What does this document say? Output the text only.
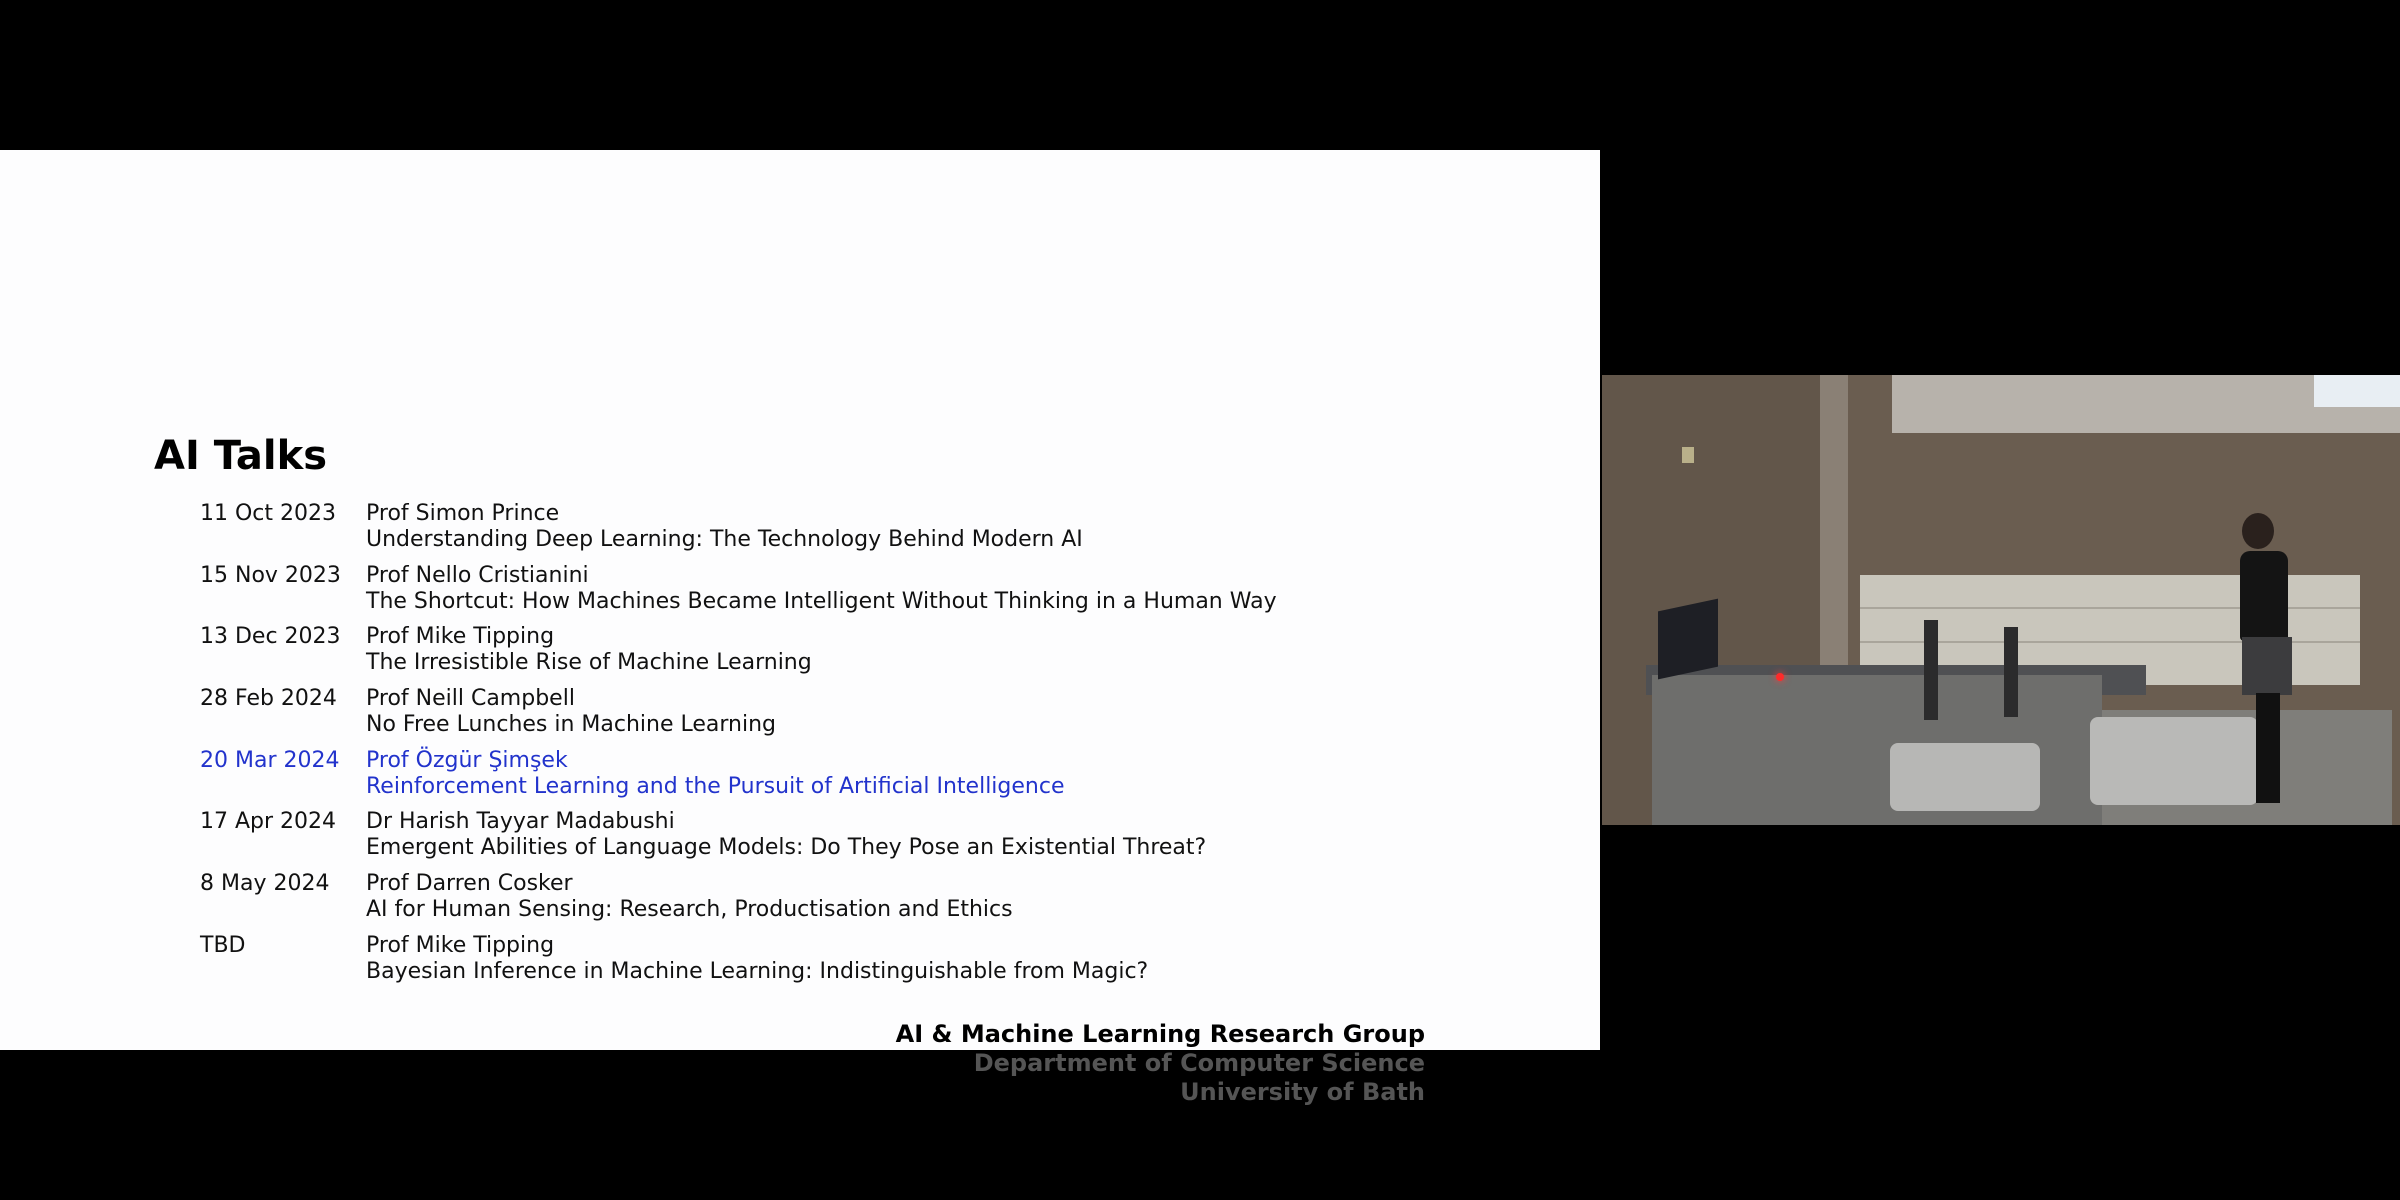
AI Talks
11 Oct 2023	Prof Simon Prince
Understanding Deep Learning: The Technology Behind Modern AI
15 Nov 2023	Prof Nello Cristianini
The Shortcut: How Machines Became Intelligent Without Thinking in a Human Way
13 Dec 2023	Prof Mike Tipping
The Irresistible Rise of Machine Learning
28 Feb 2024	Prof Neill Campbell
No Free Lunches in Machine Learning
20 Mar 2024	Prof Özgür Şimşek
Reinforcement Learning and the Pursuit of Artificial Intelligence
17 Apr 2024	Dr Harish Tayyar Madabushi
Emergent Abilities of Language Models: Do They Pose an Existential Threat?
8 May 2024	Prof Darren Cosker
AI for Human Sensing: Research, Productisation and Ethics
TBD	Prof Mike Tipping
Bayesian Inference in Machine Learning: Indistinguishable from Magic?
AI & Machine Learning Research Group
Department of Computer Science
University of Bath
